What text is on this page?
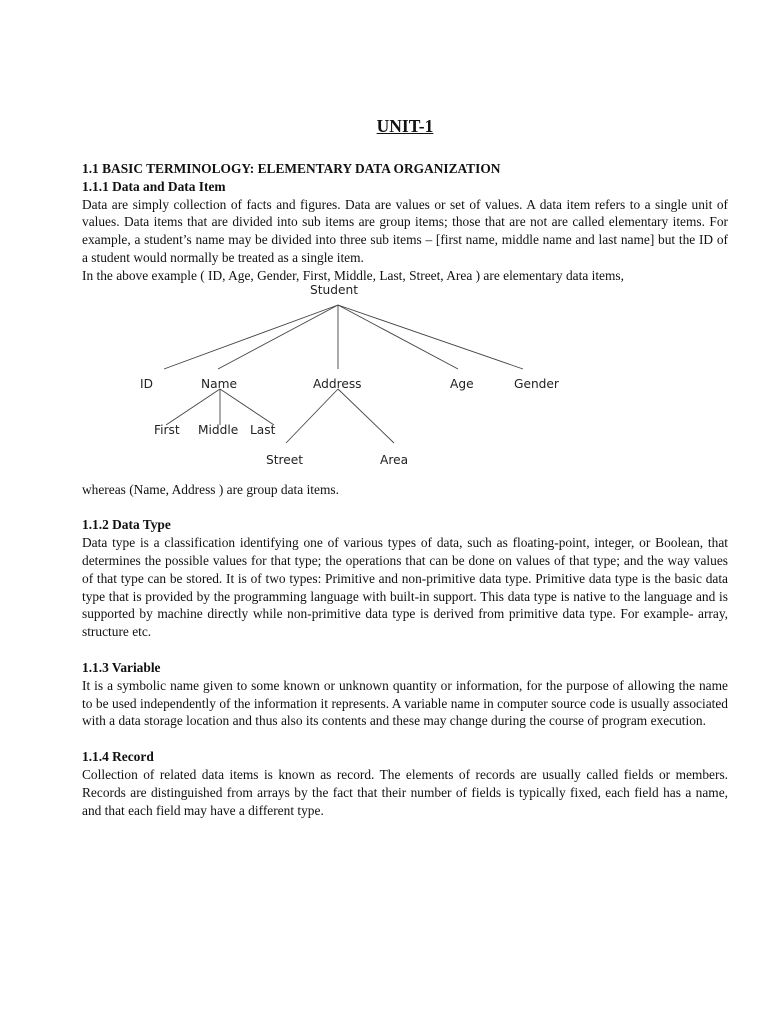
UNIT-1
1.1 BASIC TERMINOLOGY: ELEMENTARY DATA ORGANIZATION
1.1.1 Data and Data Item

Data are simply collection of facts and figures. Data are values or set of values. A data item refers to a single unit of values. Data items that are divided into sub items are group items; those that are not are called elementary items. For example, a student’s name may be divided into three sub items – [first name, middle name and last name] but the ID of a student would normally be treated as a single item.

In the above example ( ID, Age, Gender, First, Middle, Last, Street, Area ) are elementary data items,

Student
ID	Name	Address	Age	Gender
First Middle Last
Street	Area

whereas (Name, Address ) are group data items.

1.1.2 Data Type

Data type is a classification identifying one of various types of data, such as floating-point, integer, or Boolean, that determines the possible values for that type; the operations that can be done on values of that type; and the way values of that type can be stored. It is of two types: Primitive and non-primitive data type. Primitive data type is the basic data type that is provided by the programming language with built-in support. This data type is native to the language and is supported by machine directly while non-primitive data type is derived from primitive data type. For example- array, structure etc.

1.1.3 Variable

It is a symbolic name given to some known or unknown quantity or information, for the purpose of allowing the name to be used independently of the information it represents. A variable name in computer source code is usually associated with a data storage location and thus also its contents and these may change during the course of program execution.

1.1.4 Record

Collection of related data items is known as record. The elements of records are usually called fields or members. Records are distinguished from arrays by the fact that their number of fields is typically fixed, each field has a name, and that each field may have a different type.
